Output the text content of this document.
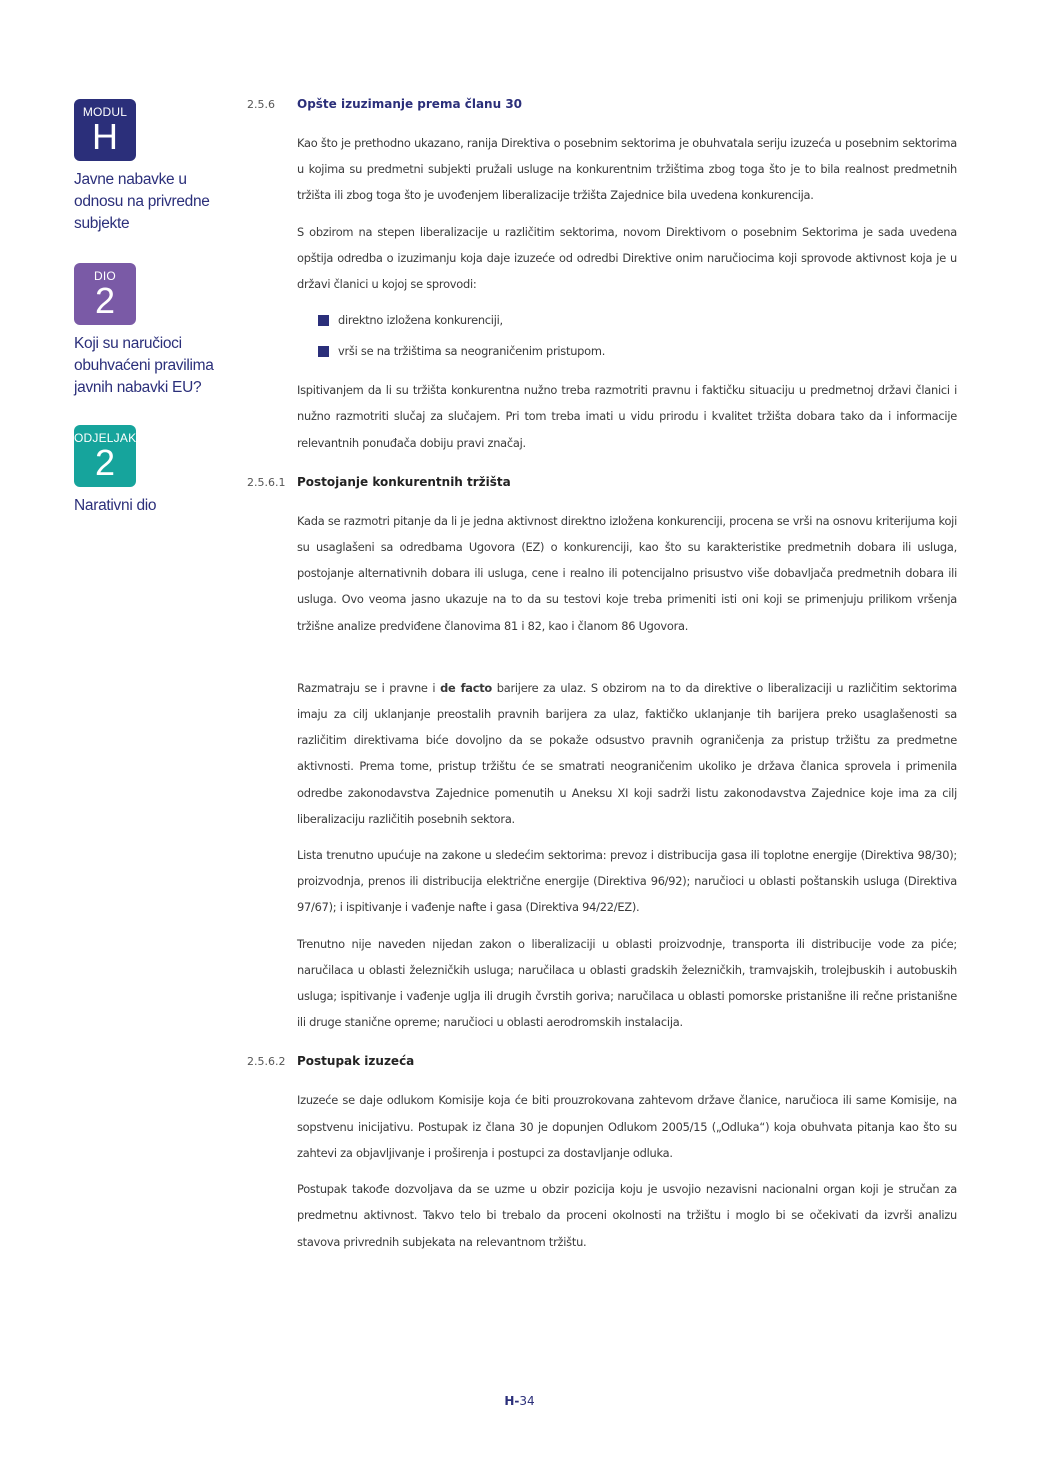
MODUL
H
Javne nabavke u odnosu na privredne subjekte
DIO
2
Koji su naručioci obuhvaćeni pravilima javnih nabavki EU?
ODJELJAK
2
Narativni dio
2.5.6 Opšte izuzimanje prema članu 30

Kao što je prethodno ukazano, ranija Direktiva o posebnim sektorima je obuhvatala seriju izuzeća u posebnim sektorima u kojima su predmetni subjekti pružali usluge na konkurentnim tržištima zbog toga što je to bila realnost predmetnih tržišta ili zbog toga što je uvođenjem liberalizacije tržišta Zajednice bila uvedena konkurencija.

S obzirom na stepen liberalizacije u različitim sektorima, novom Direktivom o posebnim Sektorima je sada uvedena opštija odredba o izuzimanju koja daje izuzeće od odredbi Direktive onim naručiocima koji sprovode aktivnost koja je u državi članici u kojoj se sprovodi:

direktno izložena konkurenciji,
vrši se na tržištima sa neograničenim pristupom.

Ispitivanjem da li su tržišta konkurentna nužno treba razmotriti pravnu i faktičku situaciju u predmetnoj državi članici i nužno razmotriti slučaj za slučajem. Pri tom treba imati u vidu prirodu i kvalitet tržišta dobara tako da i informacije relevantnih ponuđača dobiju pravi značaj.

2.5.6.1 Postojanje konkurentnih tržišta

Kada se razmotri pitanje da li je jedna aktivnost direktno izložena konkurenciji, procena se vrši na osnovu kriterijuma koji su usaglašeni sa odredbama Ugovora (EZ) o konkurenciji, kao što su karakteristike predmetnih dobara ili usluga, postojanje alternativnih dobara ili usluga, cene i realno ili potencijalno prisustvo više dobavljača predmetnih dobara ili usluga. Ovo veoma jasno ukazuje na to da su testovi koje treba primeniti isti oni koji se primenjuju prilikom vršenja tržišne analize predviđene članovima 81 i 82, kao i članom 86 Ugovora.

Razmatraju se i pravne i de facto barijere za ulaz. S obzirom na to da direktive o liberalizaciji u različitim sektorima imaju za cilj uklanjanje preostalih pravnih barijera za ulaz, faktičko uklanjanje tih barijera preko usaglašenosti sa različitim direktivama biće dovoljno da se pokaže odsustvo pravnih ograničenja za pristup tržištu za predmetne aktivnosti. Prema tome, pristup tržištu će se smatrati neograničenim ukoliko je država članica sprovela i primenila odredbe zakonodavstva Zajednice pomenutih u Aneksu XI koji sadrži listu zakonodavstva Zajednice koje ima za cilj liberalizaciju različitih posebnih sektora.

Lista trenutno upućuje na zakone u sledećim sektorima: prevoz i distribucija gasa ili toplotne energije (Direktiva 98/30); proizvodnja, prenos ili distribucija električne energije (Direktiva 96/92); naručioci u oblasti poštanskih usluga (Direktiva 97/67); i ispitivanje i vađenje nafte i gasa (Direktiva 94/22/EZ).

Trenutno nije naveden nijedan zakon o liberalizaciji u oblasti proizvodnje, transporta ili distribucije vode za piće; naručilaca u oblasti železničkih usluga; naručilaca u oblasti gradskih železničkih, tramvajskih, trolejbuskih i autobuskih usluga; ispitivanje i vađenje uglja ili drugih čvrstih goriva; naručilaca u oblasti pomorske pristanišne ili rečne pristanišne ili druge stanične opreme; naručioci u oblasti aerodromskih instalacija.

2.5.6.2 Postupak izuzeća

Izuzeće se daje odlukom Komisije koja će biti prouzrokovana zahtevom države članice, naručioca ili same Komisije, na sopstvenu inicijativu. Postupak iz člana 30 je dopunjen Odlukom 2005/15 („Odluka“) koja obuhvata pitanja kao što su zahtevi za objavljivanje i proširenja i postupci za dostavljanje odluka.

Postupak takođe dozvoljava da se uzme u obzir pozicija koju je usvojio nezavisni nacionalni organ koji je stručan za predmetnu aktivnost. Takvo telo bi trebalo da proceni okolnosti na tržištu i moglo bi se očekivati da izvrši analizu stavova privrednih subjekata na relevantnom tržištu.

H-34
